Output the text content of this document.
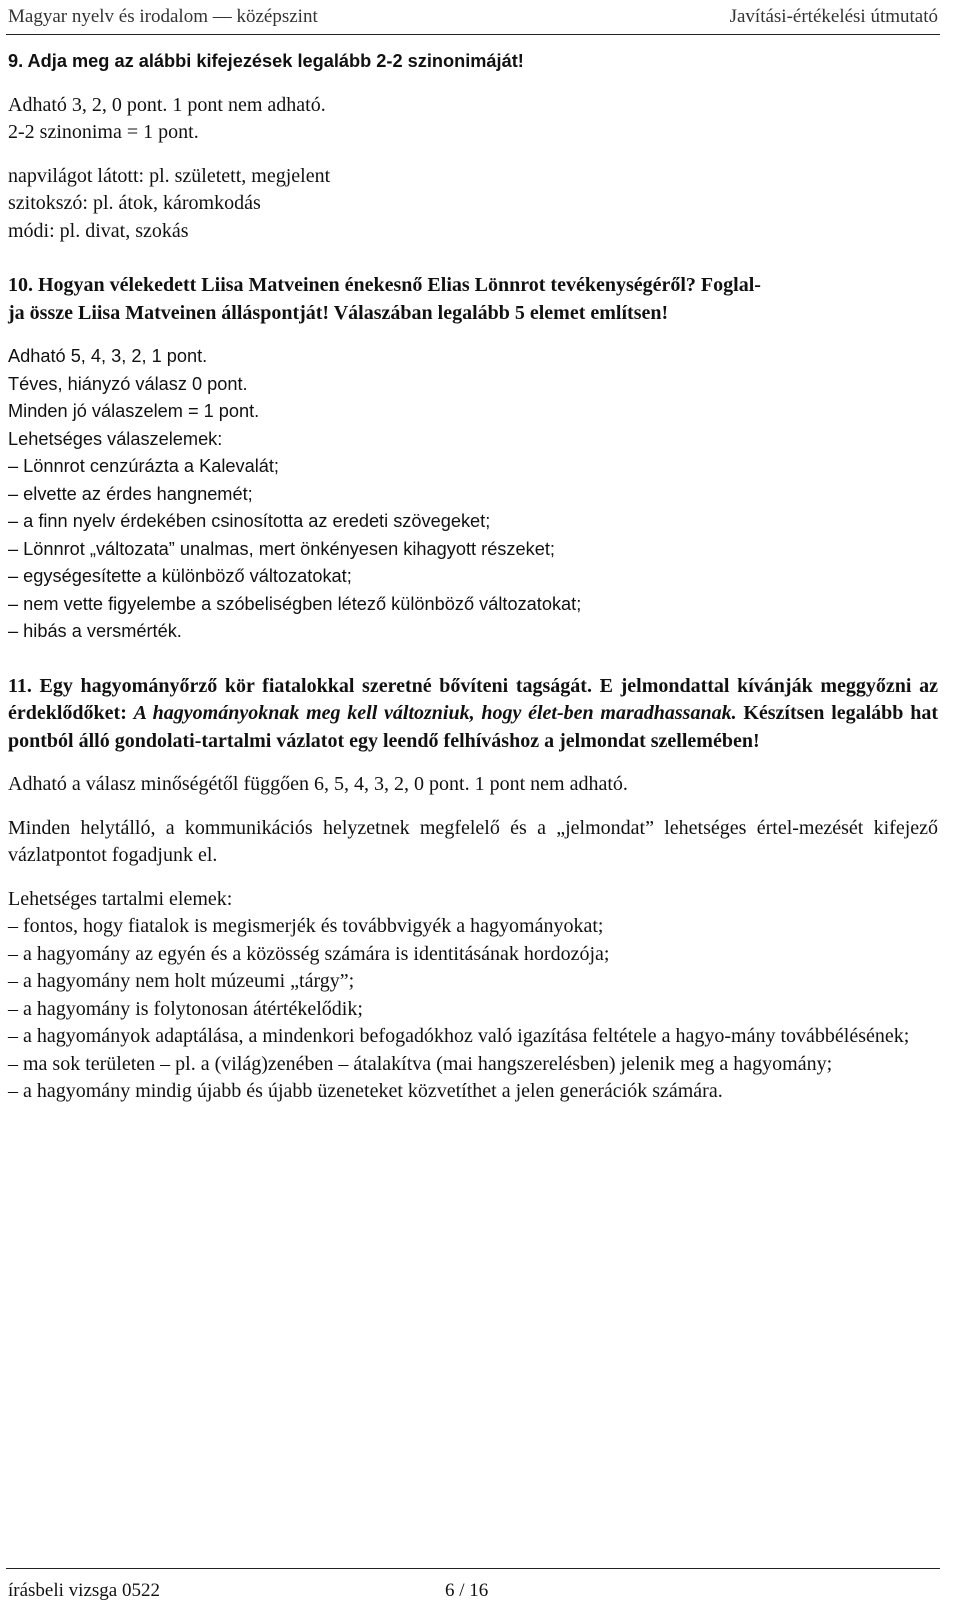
Magyar nyelv és irodalom — középszint	Javítási-értékelési útmutató
9. Adja meg az alábbi kifejezések legalább 2-2 szinonimáját!
Adható 3, 2, 0 pont. 1 pont nem adható.
2-2 szinonima = 1 pont.
napvilágot látott: pl. született, megjelent
szitokszó: pl. átok, káromkodás
módi: pl. divat, szokás
10. Hogyan vélekedett Liisa Matveinen énekesnő Elias Lönnrot tevékenységéről? Foglal-
ja össze Liisa Matveinen álláspontját! Válaszában legalább 5 elemet említsen!
Adható 5, 4, 3, 2, 1 pont.
Téves, hiányzó válasz 0 pont.
Minden jó válaszelem = 1 pont.
Lehetséges válaszelemek:
– Lönnrot cenzúrázta a Kalevalát;
– elvette az érdes hangnemét;
– a finn nyelv érdekében csinosította az eredeti szövegeket;
– Lönnrot „változata” unalmas, mert önkényesen kihagyott részeket;
– egységesítette a különböző változatokat;
– nem vette figyelembe a szóbeliségben létező különböző változatokat;
– hibás a versmérték.
11. Egy hagyományőrző kör fiatalokkal szeretné bővíteni tagságát. E jelmondattal kívánják meggyőzni az érdeklődőket: A hagyományoknak meg kell változniuk, hogy élet-ben maradhassanak. Készítsen legalább hat pontból álló gondolati-tartalmi vázlatot egy leendő felhíváshoz a jelmondat szellemében!
Adható a válasz minőségétől függően 6, 5, 4, 3, 2, 0 pont. 1 pont nem adható.
Minden helytálló, a kommunikációs helyzetnek megfelelő és a „jelmondat” lehetséges értel-mezését kifejező vázlatpontot fogadjunk el.
Lehetséges tartalmi elemek:
– fontos, hogy fiatalok is megismerjék és továbbvigyék a hagyományokat;
– a hagyomány az egyén és a közösség számára is identitásának hordozója;
– a hagyomány nem holt múzeumi „tárgy”;
– a hagyomány is folytonosan átértékelődik;
– a hagyományok adaptálása, a mindenkori befogadókhoz való igazítása feltétele a hagyo-mány továbbélésének;
– ma sok területen – pl. a (világ)zenében – átalakítva (mai hangszerelésben) jelenik meg a hagyomány;
– a hagyomány mindig újabb és újabb üzeneteket közvetíthet a jelen generációk számára.
írásbeli vizsga 0522	6 / 16
